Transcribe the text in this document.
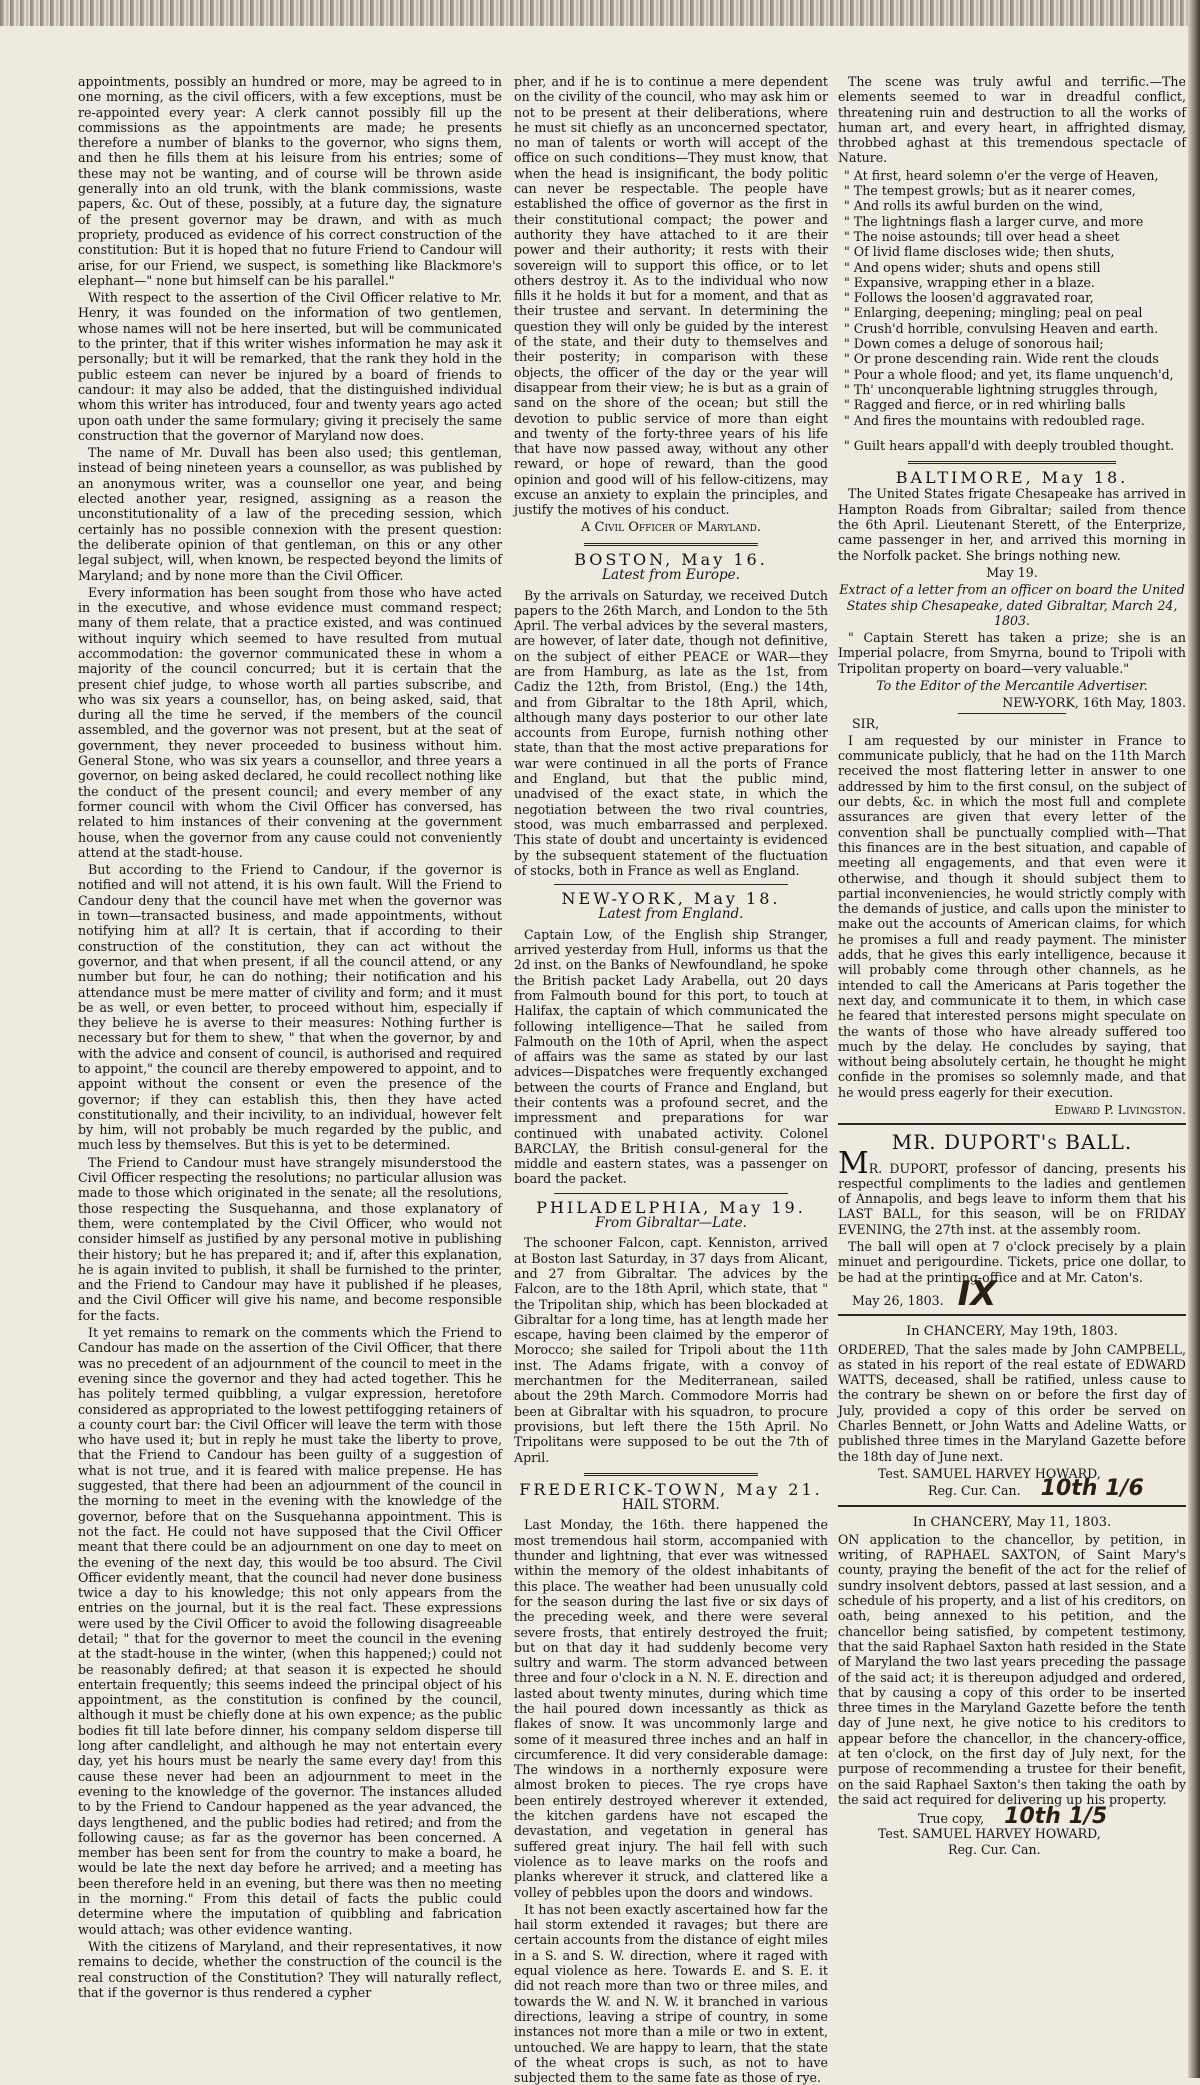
appointments, possibly an hundred or more, may be agreed to in one morning, as the civil officers, with a few exceptions, must be re-appointed every year: A clerk cannot possibly fill up the commissions as the appointments are made; he presents therefore a number of blanks to the governor, who signs them, and then he fills them at his leisure from his entries; some of these may not be wanting, and of course will be thrown aside generally into an old trunk, with the blank commissions, waste papers, &c. Out of these, possibly, at a future day, the signature of the present governor may be drawn, and with as much propriety, produced as evidence of his correct construction of the constitution: But it is hoped that no future Friend to Candour will arise, for our Friend, we suspect, is something like Blackmore's elephant—" none but himself can be his parallel."

With respect to the assertion of the Civil Officer relative to Mr. Henry, it was founded on the information of two gentlemen, whose names will not be here inserted, but will be communicated to the printer, that if this writer wishes information he may ask it personally; but it will be remarked, that the rank they hold in the public esteem can never be injured by a board of friends to candour: it may also be added, that the distinguished individual whom this writer has introduced, four and twenty years ago acted upon oath under the same formulary; giving it precisely the same construction that the governor of Maryland now does.

The name of Mr. Duvall has been also used; this gentleman, instead of being nineteen years a counsellor, as was published by an anonymous writer, was a counsellor one year, and being elected another year, resigned, assigning as a reason the unconstitutionality of a law of the preceding session, which certainly has no possible connexion with the present question: the deliberate opinion of that gentleman, on this or any other legal subject, will, when known, be respected beyond the limits of Maryland; and by none more than the Civil Officer.

Every information has been sought from those who have acted in the executive, and whose evidence must command respect; many of them relate, that a practice existed, and was continued without inquiry which seemed to have resulted from mutual accommodation: the governor communicated these in whom a majority of the council concurred; but it is certain that the present chief judge, to whose worth all parties subscribe, and who was six years a counsellor, has, on being asked, said, that during all the time he served, if the members of the council assembled, and the governor was not present, but at the seat of government, they never proceeded to business without him. General Stone, who was six years a counsellor, and three years a governor, on being asked declared, he could recollect nothing like the conduct of the present council; and every member of any former council with whom the Civil Officer has conversed, has related to him instances of their convening at the government house, when the governor from any cause could not conveniently attend at the stadt-house.

But according to the Friend to Candour, if the governor is notified and will not attend, it is his own fault. Will the Friend to Candour deny that the council have met when the governor was in town—transacted business, and made appointments, without notifying him at all? It is certain, that if according to their construction of the constitution, they can act without the governor, and that when present, if all the council attend, or any number but four, he can do nothing; their notification and his attendance must be mere matter of civility and form; and it must be as well, or even better, to proceed without him, especially if they believe he is averse to their measures: Nothing further is necessary but for them to shew, " that when the governor, by and with the advice and consent of council, is authorised and required to appoint," the council are thereby empowered to appoint, and to appoint without the consent or even the presence of the governor; if they can establish this, then they have acted constitutionally, and their incivility, to an individual, however felt by him, will not probably be much regarded by the public, and much less by themselves. But this is yet to be determined.

The Friend to Candour must have strangely misunderstood the Civil Officer respecting the resolutions; no particular allusion was made to those which originated in the senate; all the resolutions, those respecting the Susquehanna, and those explanatory of them, were contemplated by the Civil Officer, who would not consider himself as justified by any personal motive in publishing their history; but he has prepared it; and if, after this explanation, he is again invited to publish, it shall be furnished to the printer, and the Friend to Candour may have it published if he pleases, and the Civil Officer will give his name, and become responsible for the facts.

It yet remains to remark on the comments which the Friend to Candour has made on the assertion of the Civil Officer, that there was no precedent of an adjournment of the council to meet in the evening since the governor and they had acted together. This he has politely termed quibbling, a vulgar expression, heretofore considered as appropriated to the lowest pettifogging retainers of a county court bar: the Civil Officer will leave the term with those who have used it; but in reply he must take the liberty to prove, that the Friend to Candour has been guilty of a suggestion of what is not true, and it is feared with malice prepense. He has suggested, that there had been an adjournment of the council in the morning to meet in the evening with the knowledge of the governor, before that on the Susquehanna appointment. This is not the fact. He could not have supposed that the Civil Officer meant that there could be an adjournment on one day to meet on the evening of the next day, this would be too absurd. The Civil Officer evidently meant, that the council had never done business twice a day to his knowledge; this not only appears from the entries on the journal, but it is the real fact. These expressions were used by the Civil Officer to avoid the following disagreeable detail; " that for the governor to meet the council in the evening at the stadt-house in the winter, (when this happened;) could not be reasonably defired; at that season it is expected he should entertain frequently; this seems indeed the principal object of his appointment, as the constitution is confined by the council, although it must be chiefly done at his own expence; as the public bodies fit till late before dinner, his company seldom disperse till long after candlelight, and although he may not entertain every day, yet his hours must be nearly the same every day! from this cause these never had been an adjournment to meet in the evening to the knowledge of the governor. The instances alluded to by the Friend to Candour happened as the year advanced, the days lengthened, and the public bodies had retired; and from the following cause; as far as the governor has been concerned. A member has been sent for from the country to make a board, he would be late the next day before he arrived; and a meeting has been therefore held in an evening, but there was then no meeting in the morning." From this detail of facts the public could determine where the imputation of quibbling and fabrication would attach; was other evidence wanting.

With the citizens of Maryland, and their representatives, it now remains to decide, whether the construction of the council is the real construction of the Constitution? They will naturally reflect, that if the governor is thus rendered a cypher

pher, and if he is to continue a mere dependent on the civility of the council, who may ask him or not to be present at their deliberations, where he must sit chiefly as an unconcerned spectator, no man of talents or worth will accept of the office on such conditions—They must know, that when the head is insignificant, the body politic can never be respectable. The people have established the office of governor as the first in their constitutional compact; the power and authority they have attached to it are their power and their authority; it rests with their sovereign will to support this office, or to let others destroy it. As to the individual who now fills it he holds it but for a moment, and that as their trustee and servant. In determining the question they will only be guided by the interest of the state, and their duty to themselves and their posterity; in comparison with these objects, the officer of the day or the year will disappear from their view; he is but as a grain of sand on the shore of the ocean; but still the devotion to public service of more than eight and twenty of the forty-three years of his life that have now passed away, without any other reward, or hope of reward, than the good opinion and good will of his fellow-citizens, may excuse an anxiety to explain the principles, and justify the motives of his conduct.

A Civil Officer of Maryland.
BOSTON, May 16.
Latest from Europe.

By the arrivals on Saturday, we received Dutch papers to the 26th March, and London to the 5th April. The verbal advices by the several masters, are however, of later date, though not definitive, on the subject of either PEACE or WAR—they are from Hamburg, as late as the 1st, from Cadiz the 12th, from Bristol, (Eng.) the 14th, and from Gibraltar to the 18th April, which, although many days posterior to our other late accounts from Europe, furnish nothing other state, than that the most active preparations for war were continued in all the ports of France and England, but that the public mind, unadvised of the exact state, in which the negotiation between the two rival countries, stood, was much embarrassed and perplexed. This state of doubt and uncertainty is evidenced by the subsequent statement of the fluctuation of stocks, both in France as well as England.

NEW-YORK, May 18.
Latest from England.

Captain Low, of the English ship Stranger, arrived yesterday from Hull, informs us that the 2d inst. on the Banks of Newfoundland, he spoke the British packet Lady Arabella, out 20 days from Falmouth bound for this port, to touch at Halifax, the captain of which communicated the following intelligence—That he sailed from Falmouth on the 10th of April, when the aspect of affairs was the same as stated by our last advices—Dispatches were frequently exchanged between the courts of France and England, but their contents was a profound secret, and the impressment and preparations for war continued with unabated activity. Colonel BARCLAY, the British consul-general for the middle and eastern states, was a passenger on board the packet.

PHILADELPHIA, May 19.
From Gibraltar—Late.

The schooner Falcon, capt. Kenniston, arrived at Boston last Saturday, in 37 days from Alicant, and 27 from Gibraltar. The advices by the Falcon, are to the 18th April, which state, that " the Tripolitan ship, which has been blockaded at Gibraltar for a long time, has at length made her escape, having been claimed by the emperor of Morocco; she sailed for Tripoli about the 11th inst. The Adams frigate, with a convoy of merchantmen for the Mediterranean, sailed about the 29th March. Commodore Morris had been at Gibraltar with his squadron, to procure provisions, but left there the 15th April. No Tripolitans were supposed to be out the 7th of April.

FREDERICK-TOWN, May 21.
HAIL STORM.

Last Monday, the 16th. there happened the most tremendous hail storm, accompanied with thunder and lightning, that ever was witnessed within the memory of the oldest inhabitants of this place. The weather had been unusually cold for the season during the last five or six days of the preceding week, and there were several severe frosts, that entirely destroyed the fruit; but on that day it had suddenly become very sultry and warm. The storm advanced between three and four o'clock in a N. N. E. direction and lasted about twenty minutes, during which time the hail poured down incessantly as thick as flakes of snow. It was uncommonly large and some of it measured three inches and an half in circumference. It did very considerable damage: The windows in a northernly exposure were almost broken to pieces. The rye crops have been entirely destroyed wherever it extended, the kitchen gardens have not escaped the devastation, and vegetation in general has suffered great injury. The hail fell with such violence as to leave marks on the roofs and planks wherever it struck, and clattered like a volley of pebbles upon the doors and windows.

It has not been exactly ascertained how far the hail storm extended it ravages; but there are certain accounts from the distance of eight miles in a S. and S. W. direction, where it raged with equal violence as here. Towards E. and S. E. it did not reach more than two or three miles, and towards the W. and N. W. it branched in various directions, leaving a stripe of country, in some instances not more than a mile or two in extent, untouched. We are happy to learn, that the state of the wheat crops is such, as not to have subjected them to the same fate as those of rye.

The scene was truly awful and terrific.—The elements seemed to war in dreadful conflict, threatening ruin and destruction to all the works of human art, and every heart, in affrighted dismay, throbbed aghast at this tremendous spectacle of Nature.

" At first, heard solemn o'er the verge of Heaven,

" The tempest growls; but as it nearer comes,

" And rolls its awful burden on the wind,

" The lightnings flash a larger curve, and more

" The noise astounds; till over head a sheet

" Of livid flame discloses wide; then shuts,

" And opens wider; shuts and opens still

" Expansive, wrapping ether in a blaze.

" Follows the loosen'd aggravated roar,

" Enlarging, deepening; mingling; peal on peal

" Crush'd horrible, convulsing Heaven and earth.

" Down comes a deluge of sonorous hail;

" Or prone descending rain. Wide rent the clouds

" Pour a whole flood; and yet, its flame unquench'd,

" Th' unconquerable lightning struggles through,

" Ragged and fierce, or in red whirling balls

" And fires the mountains with redoubled rage.

" Guilt hears appall'd with deeply troubled thought.

BALTIMORE, May 18.

The United States frigate Chesapeake has arrived in Hampton Roads from Gibraltar; sailed from thence the 6th April. Lieutenant Sterett, of the Enterprize, came passenger in her, and arrived this morning in the Norfolk packet. She brings nothing new.

May 19.

Extract of a letter from an officer on board the United States ship Chesapeake, dated Gibraltar, March 24, 1803.

" Captain Sterett has taken a prize; she is an Imperial polacre, from Smyrna, bound to Tripoli with Tripolitan property on board—very valuable."

To the Editor of the Mercantile Advertiser.
NEW-YORK, 16th May, 1803.

SIR,

I am requested by our minister in France to communicate publicly, that he had on the 11th March received the most flattering letter in answer to one addressed by him to the first consul, on the subject of our debts, &c. in which the most full and complete assurances are given that every letter of the convention shall be punctually complied with—That this finances are in the best situation, and capable of meeting all engagements, and that even were it otherwise, and though it should subject them to partial inconveniencies, he would strictly comply with the demands of justice, and calls upon the minister to make out the accounts of American claims, for which he promises a full and ready payment. The minister adds, that he gives this early intelligence, because it will probably come through other channels, as he intended to call the Americans at Paris together the next day, and communicate it to them, in which case he feared that interested persons might speculate on the wants of those who have already suffered too much by the delay. He concludes by saying, that without being absolutely certain, he thought he might confide in the promises so solemnly made, and that he would press eagerly for their execution.

Edward P. Livingston.
MR. DUPORT's BALL.

MR. DUPORT, professor of dancing, presents his respectful compliments to the ladies and gentlemen of Annapolis, and begs leave to inform them that his LAST BALL, for this season, will be on FRIDAY EVENING, the 27th inst. at the assembly room.

The ball will open at 7 o'clock precisely by a plain minuet and perigourdine. Tickets, price one dollar, to be had at the printing-office and at Mr. Caton's.

May 26, 1803. IX
In CHANCERY, May 19th, 1803.

ORDERED, That the sales made by John CAMPBELL, as stated in his report of the real estate of EDWARD WATTS, deceased, shall be ratified, unless cause to the contrary be shewn on or before the first day of July, provided a copy of this order be served on Charles Bennett, or John Watts and Adeline Watts, or published three times in the Maryland Gazette before the 18th day of June next.

Test. SAMUEL HARVEY HOWARD,
Reg. Cur. Can. 10th 1/6
In CHANCERY, May 11, 1803.

ON application to the chancellor, by petition, in writing, of RAPHAEL SAXTON, of Saint Mary's county, praying the benefit of the act for the relief of sundry insolvent debtors, passed at last session, and a schedule of his property, and a list of his creditors, on oath, being annexed to his petition, and the chancellor being satisfied, by competent testimony, that the said Raphael Saxton hath resided in the State of Maryland the two last years preceding the passage of the said act; it is thereupon adjudged and ordered, that by causing a copy of this order to be inserted three times in the Maryland Gazette before the tenth day of June next, he give notice to his creditors to appear before the chancellor, in the chancery-office, at ten o'clock, on the first day of July next, for the purpose of recommending a trustee for their benefit, on the said Raphael Saxton's then taking the oath by the said act required for delivering up his property.

True copy, 10th 1/5
Test. SAMUEL HARVEY HOWARD,
Reg. Cur. Can.
